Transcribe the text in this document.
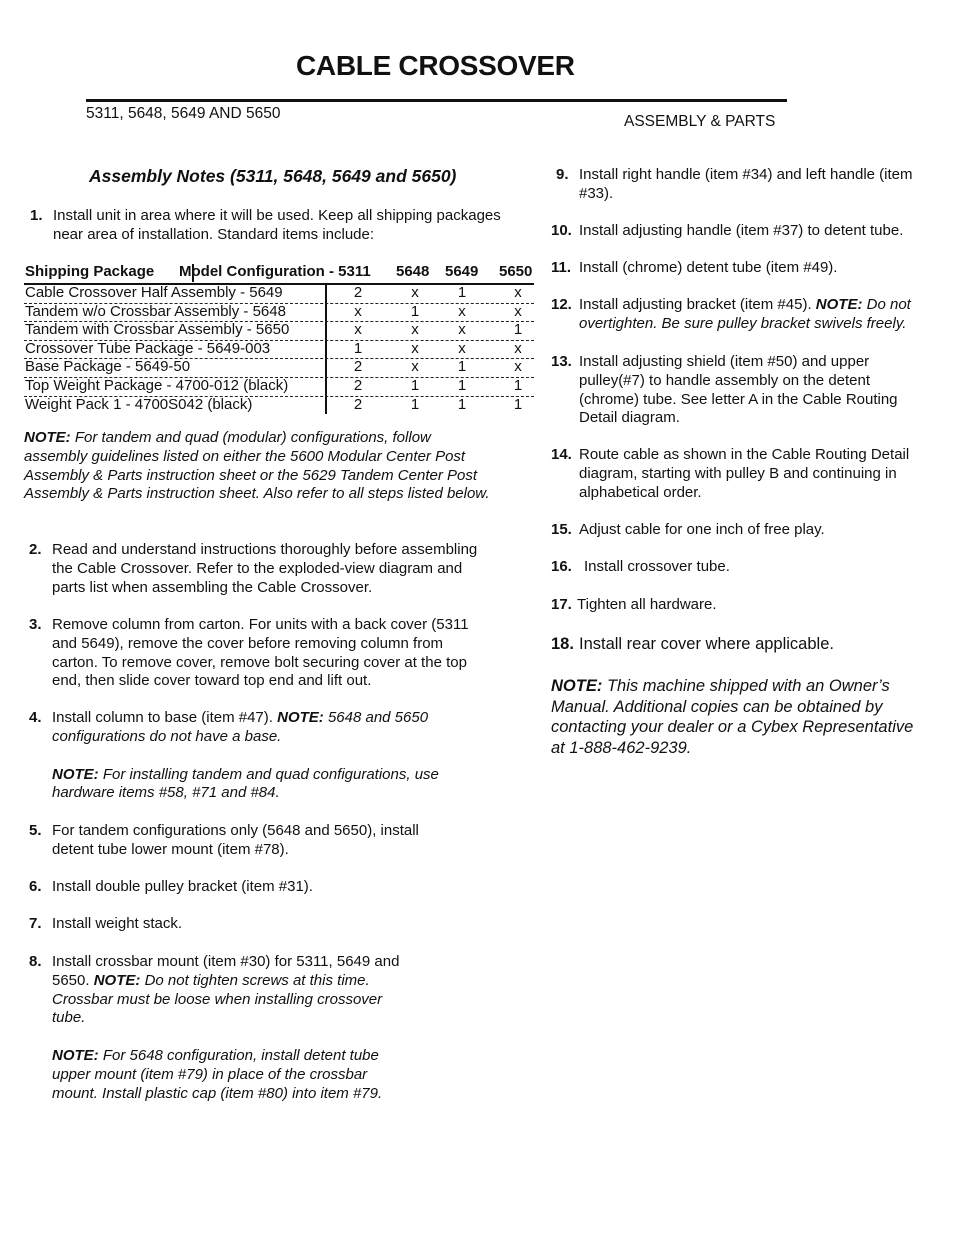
CABLE CROSSOVER
5311, 5648, 5649 AND 5650	ASSEMBLY & PARTS
Assembly Notes (5311, 5648, 5649 and 5650)
1. Install unit in area where it will be used. Keep all shipping packages near area of installation. Standard items include:
Shipping Package Model Configuration - 5311 5648 5649 5650
Cable Crossover Half Assembly - 5649	2	x	1	x
Tandem w/o Crossbar Assembly - 5648	x	1	x	x
Tandem with Crossbar Assembly - 5650	x	x	x	1
Crossover Tube Package - 5649-003	1	x	x	x
Base Package - 5649-50	2	x	1	x
Top Weight Package - 4700-012 (black)	2	1	1	1
Weight Pack 1 - 4700S042 (black)	2	1	1	1
NOTE: For tandem and quad (modular) configurations, follow assembly guidelines listed on either the 5600 Modular Center Post Assembly & Parts instruction sheet or the 5629 Tandem Center Post Assembly & Parts instruction sheet. Also refer to all steps listed below.
2. Read and understand instructions thoroughly before assembling the Cable Crossover. Refer to the exploded-view diagram and parts list when assembling the Cable Crossover.
3. Remove column from carton. For units with a back cover (5311 and 5649), remove the cover before removing column from carton. To remove cover, remove bolt securing cover at the top end, then slide cover toward top end and lift out.
4. Install column to base (item #47). NOTE: 5648 and 5650 configurations do not have a base.
NOTE: For installing tandem and quad configurations, use hardware items #58, #71 and #84.
5. For tandem configurations only (5648 and 5650), install detent tube lower mount (item #78).
6. Install double pulley bracket (item #31).
7. Install weight stack.
8. Install crossbar mount (item #30) for 5311, 5649 and 5650. NOTE: Do not tighten screws at this time. Crossbar must be loose when installing crossover tube.
NOTE: For 5648 configuration, install detent tube upper mount (item #79) in place of the crossbar mount. Install plastic cap (item #80) into item #79.
9. Install right handle (item #34) and left handle (item #33).
10. Install adjusting handle (item #37) to detent tube.
11. Install (chrome) detent tube (item #49).
12. Install adjusting bracket (item #45). NOTE: Do not overtighten. Be sure pulley bracket swivels freely.
13. Install adjusting shield (item #50) and upper pulley(#7) to handle assembly on the detent (chrome) tube. See letter A in the Cable Routing Detail diagram.
14. Route cable as shown in the Cable Routing Detail diagram, starting with pulley B and continuing in alphabetical order.
15. Adjust cable for one inch of free play.
16. Install crossover tube.
17. Tighten all hardware.
18. Install rear cover where applicable.
NOTE: This machine shipped with an Owner’s Manual. Additional copies can be obtained by contacting your dealer or a Cybex Representative at 1-888-462-9239.
